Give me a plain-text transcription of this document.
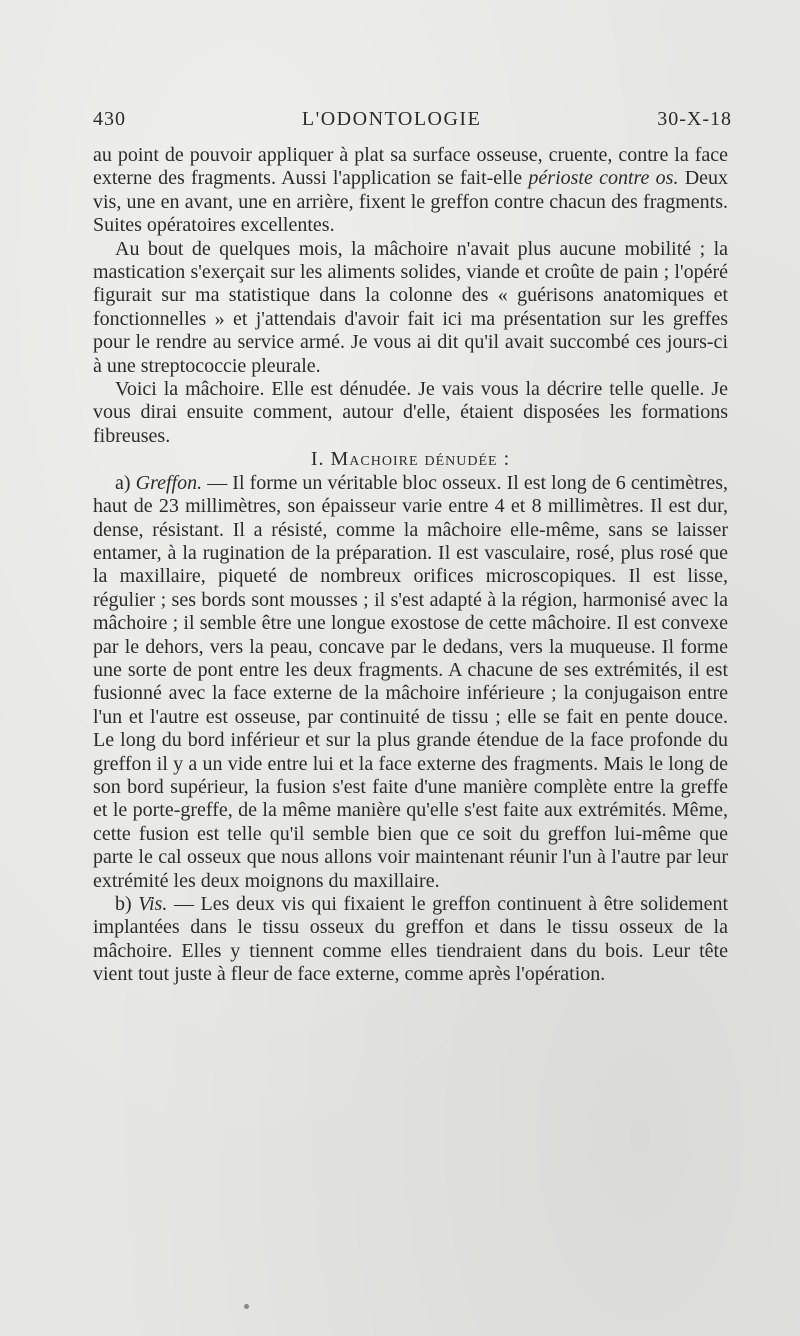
430	L'ODONTOLOGIE	30-X-18

au point de pouvoir appliquer à plat sa surface osseuse, cruente, contre la face externe des fragments. Aussi l'application se fait-elle périoste contre os. Deux vis, une en avant, une en arrière, fixent le greffon contre chacun des fragments. Suites opératoires excellentes.

Au bout de quelques mois, la mâchoire n'avait plus aucune mobilité ; la mastication s'exerçait sur les aliments solides, viande et croûte de pain ; l'opéré figurait sur ma statistique dans la colonne des « guérisons anatomiques et fonctionnelles » et j'attendais d'avoir fait ici ma présentation sur les greffes pour le rendre au service armé. Je vous ai dit qu'il avait succombé ces jours-ci à une streptococcie pleurale.

Voici la mâchoire. Elle est dénudée. Je vais vous la décrire telle quelle. Je vous dirai ensuite comment, autour d'elle, étaient disposées les formations fibreuses.

I. Machoire dénudée :

a) Greffon. — Il forme un véritable bloc osseux. Il est long de 6 centimètres, haut de 23 millimètres, son épaisseur varie entre 4 et 8 millimètres. Il est dur, dense, résistant. Il a résisté, comme la mâchoire elle-même, sans se laisser entamer, à la rugination de la préparation. Il est vasculaire, rosé, plus rosé que la maxillaire, piqueté de nombreux orifices microscopiques. Il est lisse, régulier ; ses bords sont mousses ; il s'est adapté à la région, harmonisé avec la mâchoire ; il semble être une longue exostose de cette mâchoire. Il est convexe par le dehors, vers la peau, concave par le dedans, vers la muqueuse. Il forme une sorte de pont entre les deux fragments. A chacune de ses extrémités, il est fusionné avec la face externe de la mâchoire inférieure ; la conjugaison entre l'un et l'autre est osseuse, par continuité de tissu ; elle se fait en pente douce. Le long du bord inférieur et sur la plus grande étendue de la face profonde du greffon il y a un vide entre lui et la face externe des fragments. Mais le long de son bord supérieur, la fusion s'est faite d'une manière complète entre la greffe et le porte-greffe, de la même manière qu'elle s'est faite aux extrémités. Même, cette fusion est telle qu'il semble bien que ce soit du greffon lui-même que parte le cal osseux que nous allons voir maintenant réunir l'un à l'autre par leur extrémité les deux moignons du maxillaire.

b) Vis. — Les deux vis qui fixaient le greffon continuent à être solidement implantées dans le tissu osseux du greffon et dans le tissu osseux de la mâchoire. Elles y tiennent comme elles tiendraient dans du bois. Leur tête vient tout juste à fleur de face externe, comme après l'opération.
